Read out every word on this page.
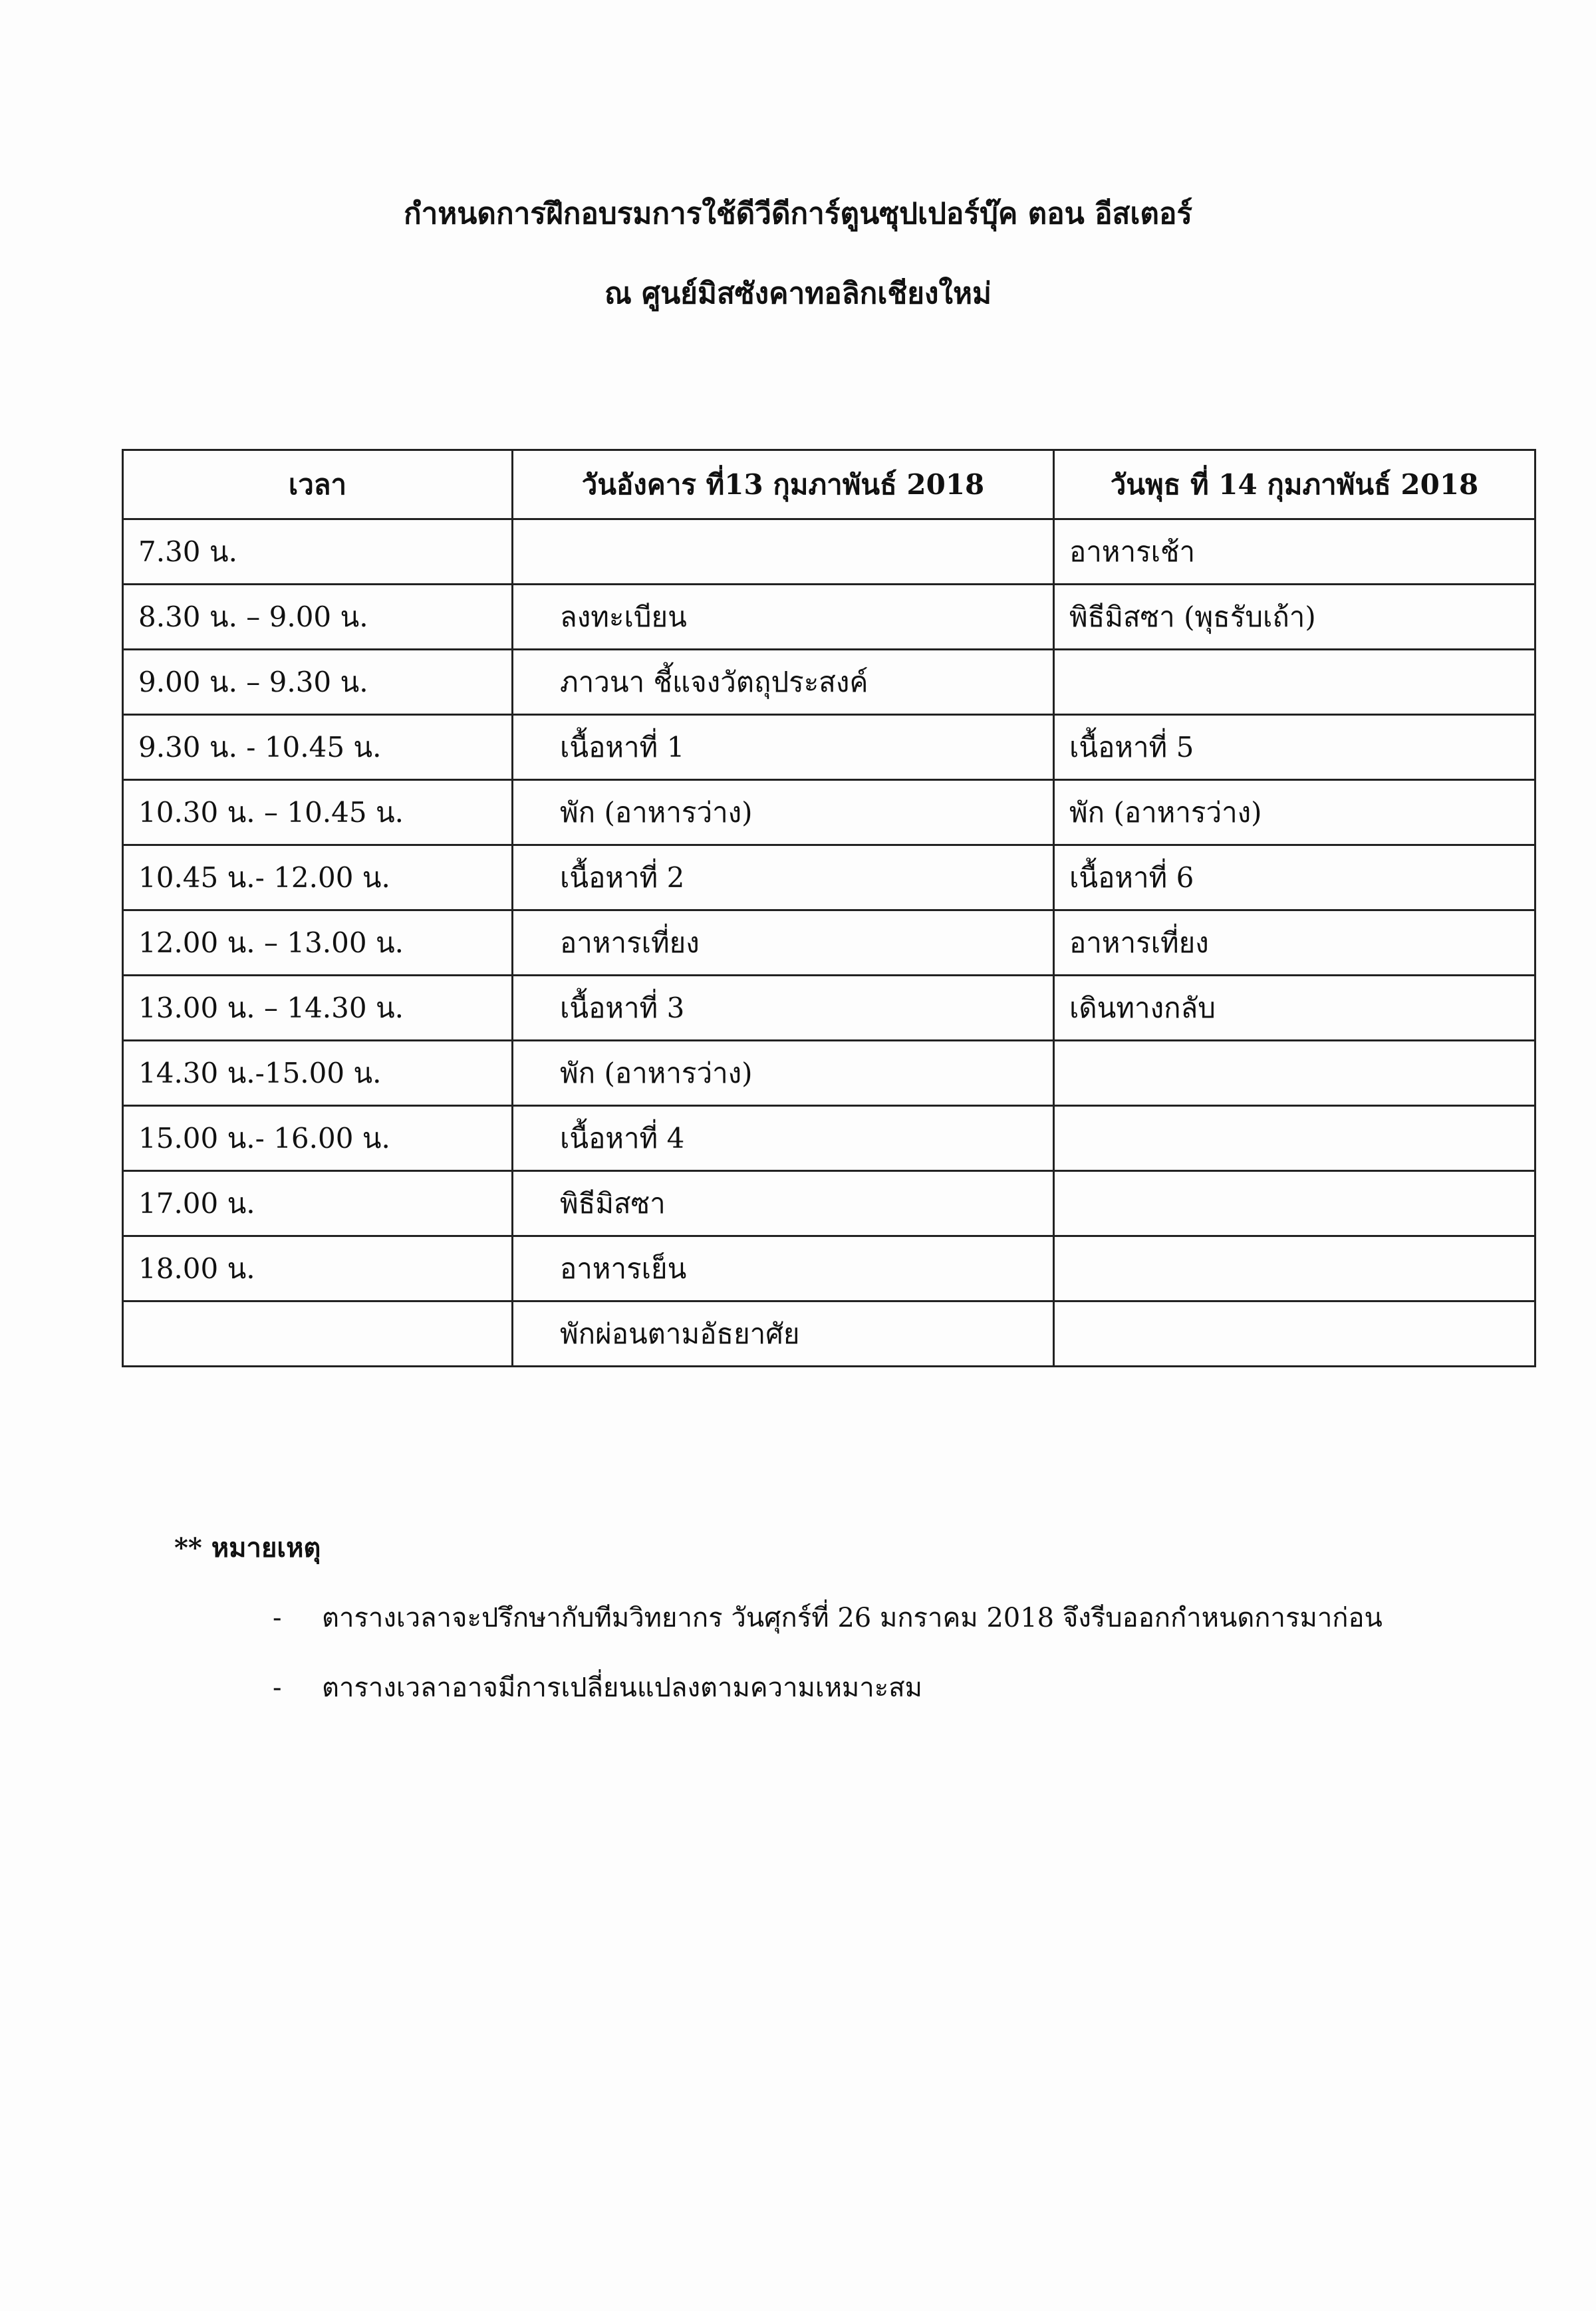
กำหนดการฝึกอบรมการใช้ดีวีดีการ์ตูนซุปเปอร์บุ๊ค ตอน อีสเตอร์
ณ ศูนย์มิสซังคาทอลิกเชียงใหม่
เวลา	วันอังคาร ที่13 กุมภาพันธ์ 2018	วันพุธ ที่ 14 กุมภาพันธ์ 2018
7.30 น.		อาหารเช้า
8.30 น. – 9.00 น.	ลงทะเบียน	พิธีมิสซา (พุธรับเถ้า)
9.00 น. – 9.30 น.	ภาวนา ชี้แจงวัตถุประสงค์	
9.30 น. - 10.45 น.	เนื้อหาที่ 1	เนื้อหาที่ 5
10.30 น. – 10.45 น.	พัก (อาหารว่าง)	พัก (อาหารว่าง)
10.45 น.- 12.00 น.	เนื้อหาที่ 2	เนื้อหาที่ 6
12.00 น. – 13.00 น.	อาหารเที่ยง	อาหารเที่ยง
13.00 น. – 14.30 น.	เนื้อหาที่ 3	เดินทางกลับ
14.30 น.-15.00 น.	พัก (อาหารว่าง)	
15.00 น.- 16.00 น.	เนื้อหาที่ 4	
17.00 น.	พิธีมิสซา	
18.00 น.	อาหารเย็น	
	พักผ่อนตามอัธยาศัย	
** หมายเหตุ
- ตารางเวลาจะปรึกษากับทีมวิทยากร วันศุกร์ที่ 26 มกราคม 2018 จึงรีบออกกำหนดการมาก่อน
- ตารางเวลาอาจมีการเปลี่ยนแปลงตามความเหมาะสม
